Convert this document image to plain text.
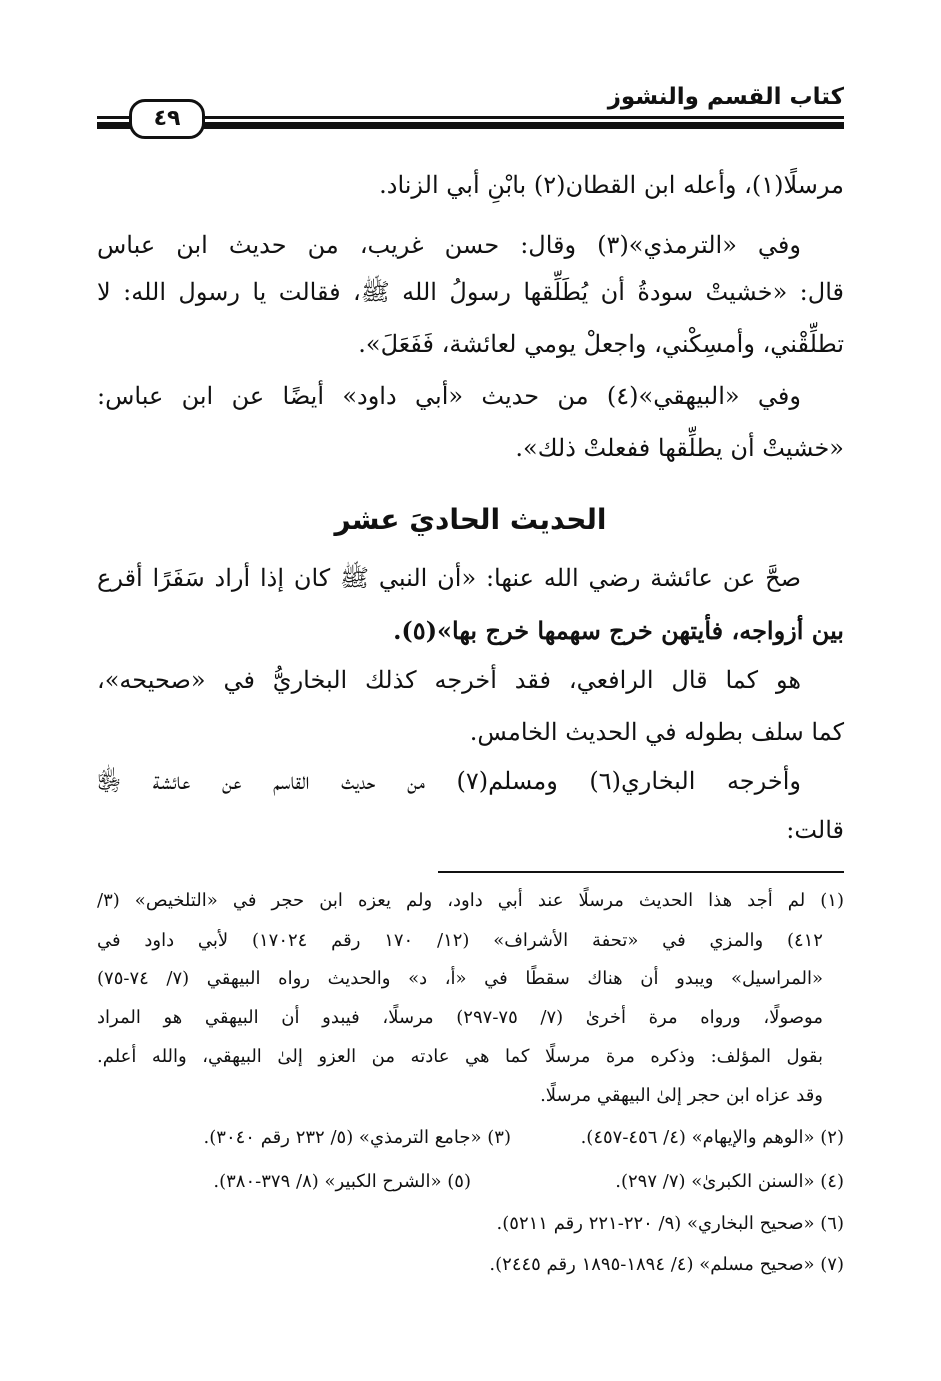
كتاب القسم والنشوز
٤٩
مرسلًا(١)، وأعله ابن القطان(٢) بابْنِ أبي الزناد.
وفي «الترمذي»(٣) وقال: حسن غريب، من حديث ابن عباس
قال: «خشيتْ سودةُ أن يُطَلِّقها رسولُ الله ﷺ، فقالت يا رسول الله: لا
تطلِّقْني، وأمسِكْني، واجعلْ يومي لعائشة، فَفَعَلَ».
وفي «البيهقي»(٤) من حديث «أبي داود» أيضًا عن ابن عباس:
«خشيتْ أن يطلِّقها ففعلتْ ذلك».
الحديث الحاديَ عشر
صحَّ عن عائشة رضي الله عنها: «أن النبي ﷺ كان إذا أراد سَفَرًا أقرع
بين أزواجه، فأيتهن خرج سهمها خرج بها»(٥).
هو كما قال الرافعي، فقد أخرجه كذلك البخاريُّ في «صحيحه»،
كما سلف بطوله في الحديث الخامس.
وأخرجه البخاري(٦) ومسلم(٧) من حديث القاسم عن عائشة ﵂
قالت:
(١) لم أجد هذا الحديث مرسلًا عند أبي داود، ولم يعزه ابن حجر في «التلخيص» (٣/
٤١٢) والمزي في «تحفة الأشراف» (١٢/ ١٧٠ رقم ١٧٠٢٤) لأبي داود في
«المراسيل» ويبدو أن هناك سقطًا في «أ، د» والحديث رواه البيهقي (٧/ ٧٤-٧٥)
موصولًا، ورواه مرة أخرىٰ (٧/ ٧٥-٢٩٧) مرسلًا، فيبدو أن البيهقي هو المراد
بقول المؤلف: وذكره مرة مرسلًا كما هي عادته من العزو إلىٰ البيهقي، والله أعلم.
وقد عزاه ابن حجر إلىٰ البيهقي مرسلًا.
(٢) «الوهم والإيهام» (٤/ ٤٥٦-٤٥٧).
(٣) «جامع الترمذي» (٥/ ٢٣٢ رقم ٣٠٤٠).
(٤) «السنن الكبرىٰ» (٧/ ٢٩٧).
(٥) «الشرح الكبير» (٨/ ٣٧٩-٣٨٠).
(٦) «صحيح البخاري» (٩/ ٢٢٠-٢٢١ رقم ٥٢١١).
(٧) «صحيح مسلم» (٤/ ١٨٩٤-١٨٩٥ رقم ٢٤٤٥).
